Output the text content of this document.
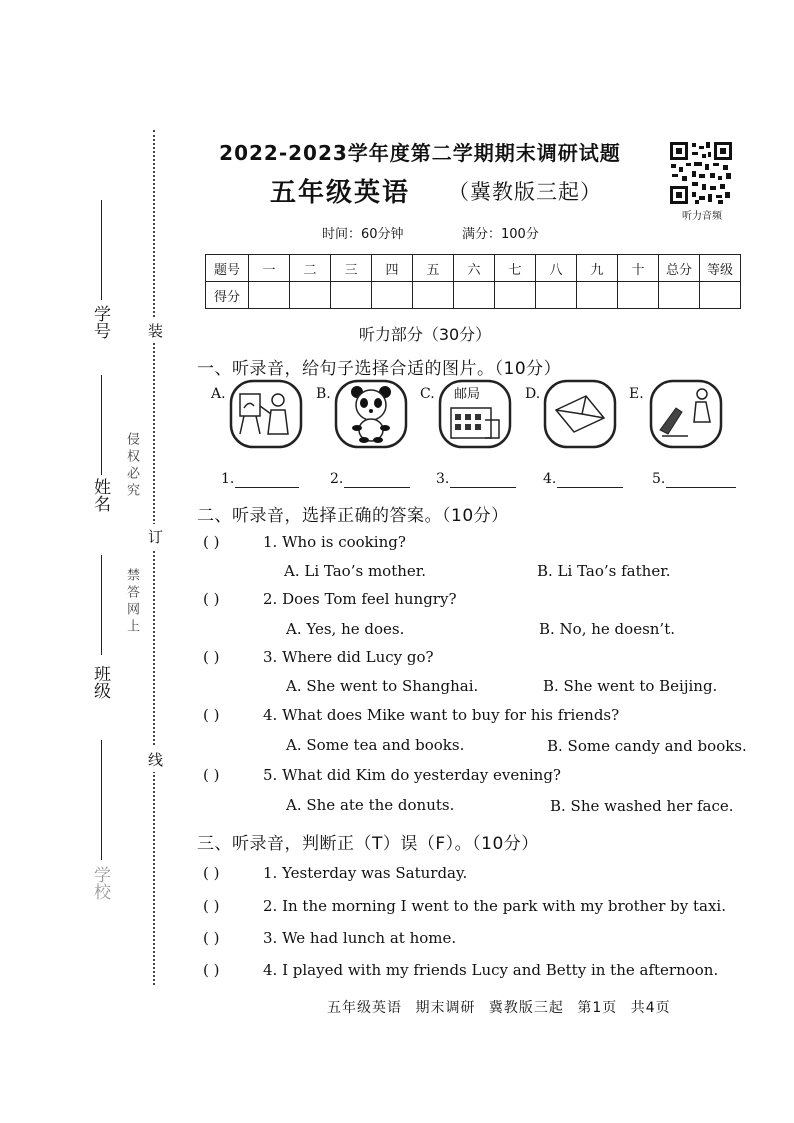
装
订
线
学号
姓名
班级
学校
侵权必究
禁答网上
2022-2023学年度第二学期期末调研试题
五年级英语 （冀教版三起）
听力音频
时间：60分钟	满分：100分
题号	一	二	三	四	五	六	七	八	九	十	总分	等级
得分												
听力部分（30分）
一、听录音，给句子选择合适的图片。（10分）
A.	B.	C. 邮局	D.	E.
1.	2.	3.	4.	5.
二、听录音，选择正确的答案。（10分）
( )	1. Who is cooking?
A. Li Tao’s mother.	B. Li Tao’s father.
( )	2. Does Tom feel hungry?
A. Yes, he does.	B. No, he doesn’t.
( )	3. Where did Lucy go?
A. She went to Shanghai.	B. She went to Beijing.
( )	4. What does Mike want to buy for his friends?
A. Some tea and books.	B. Some candy and books.
( )	5. What did Kim do yesterday evening?
A. She ate the donuts.	B. She washed her face.
三、听录音，判断正（T）误（F）。（10分）
( )	1. Yesterday was Saturday.
( )	2. In the morning I went to the park with my brother by taxi.
( )	3. We had lunch at home.
( )	4. I played with my friends Lucy and Betty in the afternoon.
五年级英语 期末调研 冀教版三起 第1页 共4页
